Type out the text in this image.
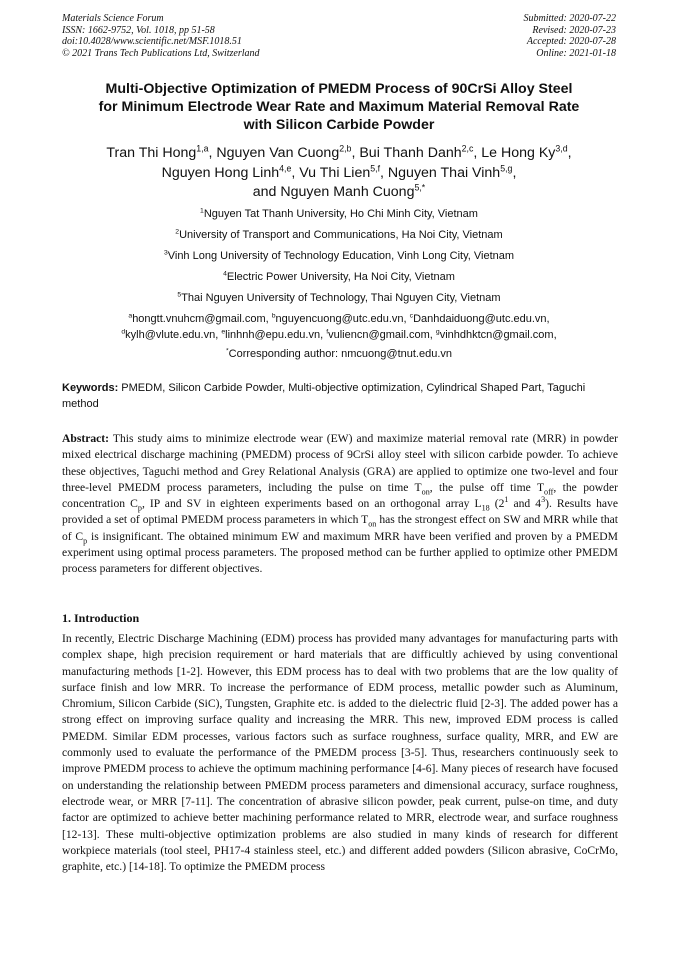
Materials Science Forum
ISSN: 1662-9752, Vol. 1018, pp 51-58
doi:10.4028/www.scientific.net/MSF.1018.51
© 2021 Trans Tech Publications Ltd, Switzerland
Submitted: 2020-07-22
Revised: 2020-07-23
Accepted: 2020-07-28
Online: 2021-01-18
Multi-Objective Optimization of PMEDM Process of 90CrSi Alloy Steel
for Minimum Electrode Wear Rate and Maximum Material Removal Rate
with Silicon Carbide Powder
Tran Thi Hong$^{1,a}$, Nguyen Van Cuong$^{2,b}$, Bui Thanh Danh$^{2,c}$, Le Hong Ky$^{3,d}$,
Nguyen Hong Linh$^{4,e}$, Vu Thi Lien$^{5,f}$, Nguyen Thai Vinh$^{5,g}$,
and Nguyen Manh Cuong$^{5,*}$
$^1$Nguyen Tat Thanh University, Ho Chi Minh City, Vietnam
$^2$University of Transport and Communications, Ha Noi City, Vietnam
$^3$Vinh Long University of Technology Education, Vinh Long City, Vietnam
$^4$Electric Power University, Ha Noi City, Vietnam
$^5$Thai Nguyen University of Technology, Thai Nguyen City, Vietnam
$^a$hongtt.vnuhcm@gmail.com, $^b$nguyencuong@utc.edu.vn, $^c$Danhdaiduong@utc.edu.vn,
$^d$kylh@vlute.edu.vn, $^e$linhnh@epu.edu.vn, $^f$vuliencn@gmail.com, $^g$vinhdhktcn@gmail.com,
*Corresponding author: nmcuong@tnut.edu.vn
Keywords: PMEDM, Silicon Carbide Powder, Multi-objective optimization, Cylindrical Shaped Part, Taguchi method
Abstract: This study aims to minimize electrode wear (EW) and maximize material removal rate (MRR) in powder mixed electrical discharge machining (PMEDM) process of 9CrSi alloy steel with silicon carbide powder. To achieve these objectives, Taguchi method and Grey Relational Analysis (GRA) are applied to optimize one two-level and four three-level PMEDM process parameters, including the pulse on time $T_{on}$, the pulse off time $T_{off}$, the powder concentration $C_p$, IP and SV in eighteen experiments based on an orthogonal array $L_{18}$ ($2^1$ and $4^3$). Results have provided a set of optimal PMEDM process parameters in which $T_{on}$ has the strongest effect on SW and MRR while that of $C_p$ is insignificant. The obtained minimum EW and maximum MRR have been verified and proven by a PMEDM experiment using optimal process parameters. The proposed method can be further applied to optimize other PMEDM process parameters for different objectives.
1. Introduction
In recently, Electric Discharge Machining (EDM) process has provided many advantages for manufacturing parts with complex shape, high precision requirement or hard materials that are difficultly achieved by using conventional manufacturing methods [1-2]. However, this EDM process has to deal with two problems that are the low quality of surface finish and low MRR. To increase the performance of EDM process, metallic powder such as Aluminum, Chromium, Silicon Carbide (SiC), Tungsten, Graphite etc. is added to the dielectric fluid [2-3]. The added power has a strong effect on improving surface quality and increasing the MRR. This new, improved EDM process is called PMEDM. Similar EDM processes, various factors such as surface roughness, surface quality, MRR, and EW are commonly used to evaluate the performance of the PMEDM process [3-5]. Thus, researchers continuously seek to improve PMEDM process to achieve the optimum machining performance [4-6]. Many pieces of research have focused on understanding the relationship between PMEDM process parameters and dimensional accuracy, surface roughness, electrode wear, or MRR [7-11]. The concentration of abrasive silicon powder, peak current, pulse-on time, and duty factor are optimized to achieve better machining performance related to MRR, electrode wear, and surface roughness [12-13]. These multi-objective optimization problems are also studied in many kinds of research for different workpiece materials (tool steel, PH17-4 stainless steel, etc.) and different added powders (Silicon abrasive, CoCrMo, graphite, etc.) [14-18]. To optimize the PMEDM process
